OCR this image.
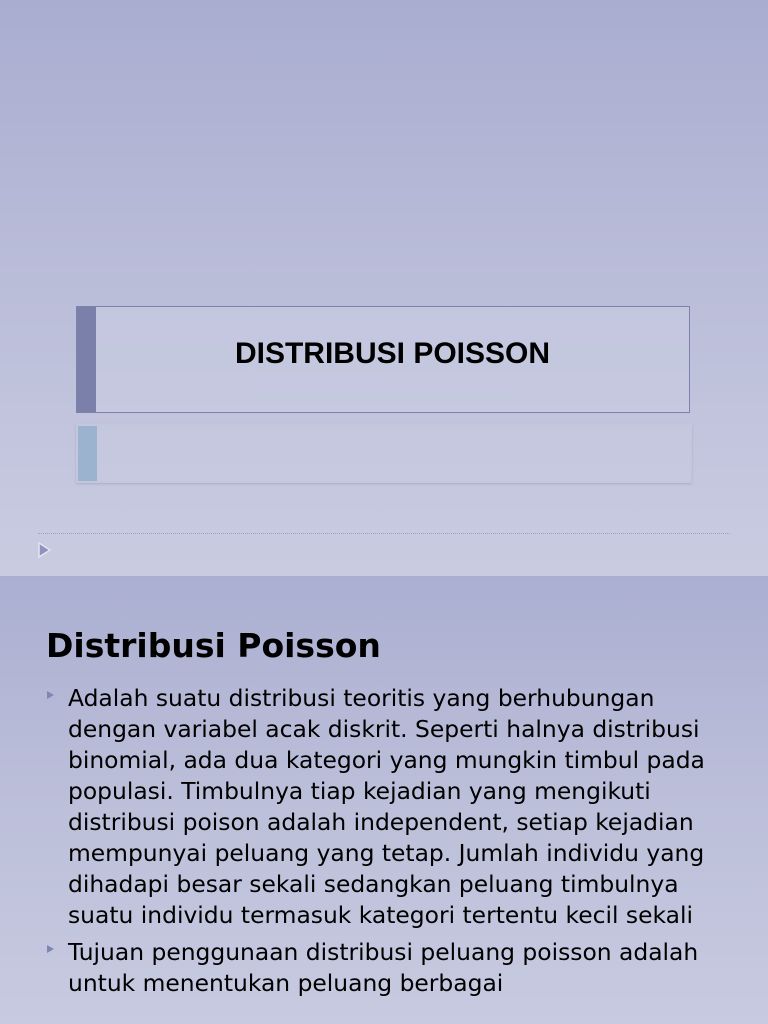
DISTRIBUSI POISSON
Distribusi Poisson
Adalah suatu distribusi teoritis yang berhubungan dengan variabel acak diskrit. Seperti halnya distribusi binomial, ada dua kategori yang mungkin timbul pada populasi. Timbulnya tiap kejadian yang mengikuti distribusi poison adalah independent, setiap kejadian mempunyai peluang yang tetap. Jumlah individu yang dihadapi besar sekali sedangkan peluang timbulnya suatu individu termasuk kategori tertentu kecil sekali
Tujuan penggunaan distribusi peluang poisson adalah untuk menentukan peluang berbagai
